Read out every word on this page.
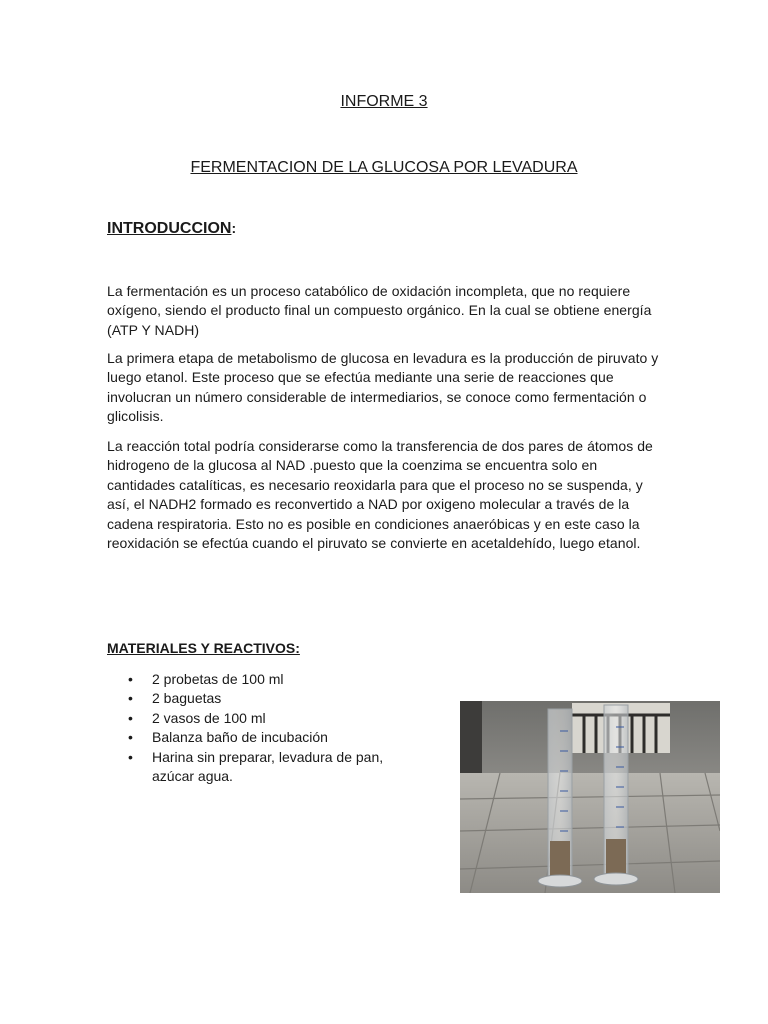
INFORME 3
FERMENTACION DE LA GLUCOSA POR LEVADURA
INTRODUCCION:

La fermentación es un proceso catabólico de oxidación incompleta, que no requiere oxígeno, siendo el producto final un compuesto orgánico. En la cual se obtiene energía (ATP Y NADH)

La primera etapa de metabolismo de glucosa en levadura es la producción de piruvato y luego etanol. Este proceso que se efectúa mediante una serie de reacciones que involucran un número considerable de intermediarios, se conoce como fermentación o glicolisis.

La reacción total podría considerarse como la transferencia de dos pares de átomos de hidrogeno de la glucosa al NAD .puesto que la coenzima se encuentra solo en cantidades catalíticas, es necesario reoxidarla para que el proceso no se suspenda, y así, el NADH2 formado es reconvertido a NAD por oxigeno molecular a través de la cadena respiratoria. Esto no es posible en condiciones anaeróbicas y en este caso la reoxidación se efectúa cuando el piruvato se convierte en acetaldehído, luego etanol.

MATERIALES Y REACTIVOS:
• 2 probetas de 100 ml
• 2 baguetas
• 2 vasos de 100 ml
• Balanza baño de incubación
• Harina sin preparar, levadura de pan, azúcar agua.
